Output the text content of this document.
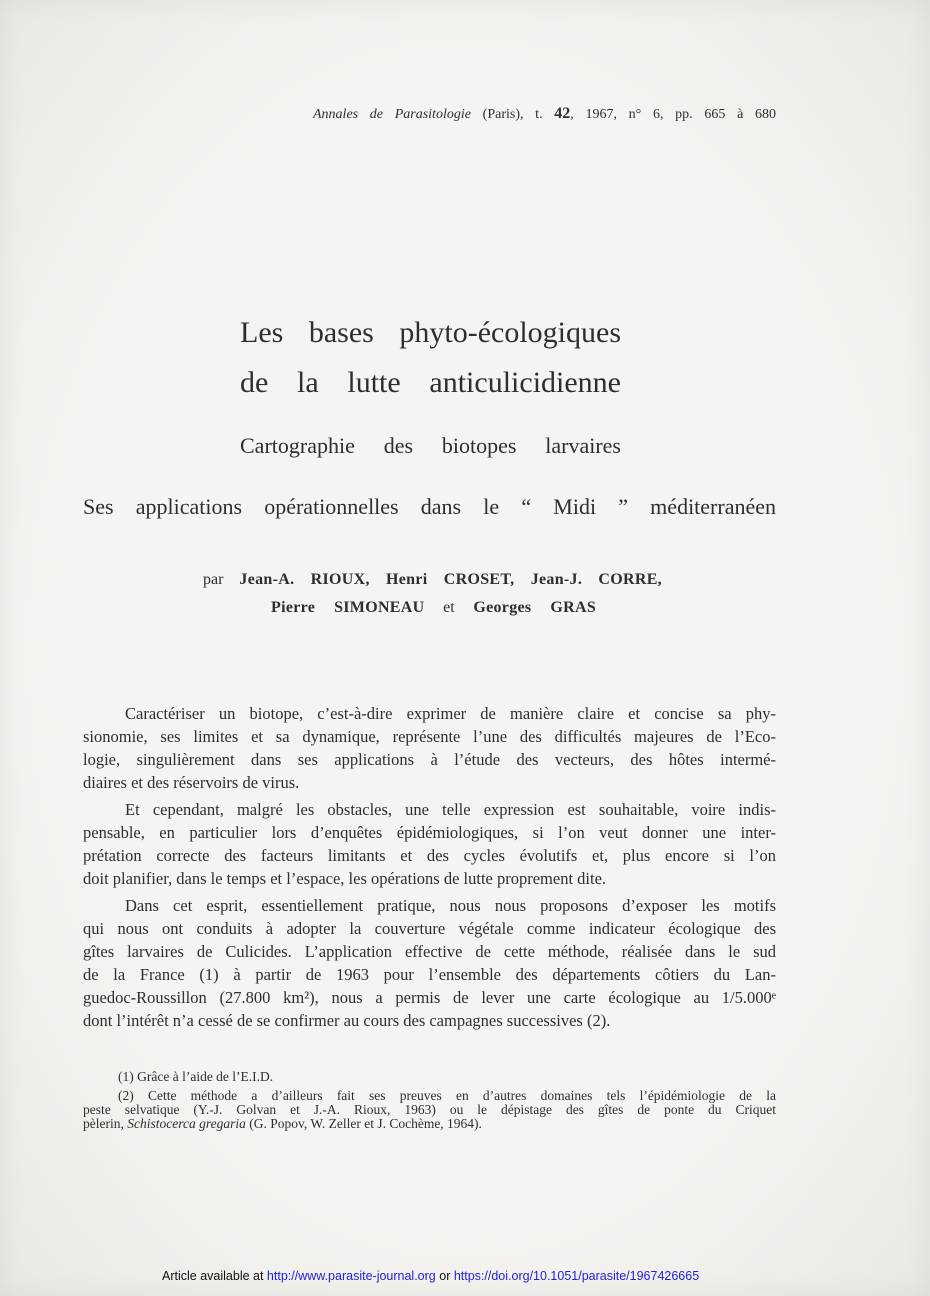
Annales de Parasitologie (Paris), t. 42, 1967, n° 6, pp. 665 à 680
Les bases phyto-écologiques
de la lutte anticulicidienne
Cartographie des biotopes larvaires
Ses applications opérationnelles dans le “ Midi ” méditerranéen
par Jean-A. RIOUX, Henri CROSET, Jean-J. CORRE,
Pierre SIMONEAU et Georges GRAS
Caractériser un biotope, c’est-à-dire exprimer de manière claire et concise sa phy-
sionomie, ses limites et sa dynamique, représente l’une des difficultés majeures de l’Eco-
logie, singulièrement dans ses applications à l’étude des vecteurs, des hôtes intermé-
diaires et des réservoirs de virus.
Et cependant, malgré les obstacles, une telle expression est souhaitable, voire indis-
pensable, en particulier lors d’enquêtes épidémiologiques, si l’on veut donner une inter-
prétation correcte des facteurs limitants et des cycles évolutifs et, plus encore si l’on
doit planifier, dans le temps et l’espace, les opérations de lutte proprement dite.
Dans cet esprit, essentiellement pratique, nous nous proposons d’exposer les motifs
qui nous ont conduits à adopter la couverture végétale comme indicateur écologique des
gîtes larvaires de Culicides. L’application effective de cette méthode, réalisée dans le sud
de la France (1) à partir de 1963 pour l’ensemble des départements côtiers du Lan-
guedoc-Roussillon (27.800 km²), nous a permis de lever une carte écologique au 1/5.000ᵉ
dont l’intérêt n’a cessé de se confirmer au cours des campagnes successives (2).
(1) Grâce à l’aide de l’E.I.D.
(2) Cette méthode a d’ailleurs fait ses preuves en d’autres domaines tels l’épidémiologie de la
peste selvatique (Y.-J. Golvan et J.-A. Rioux, 1963) ou le dépistage des gîtes de ponte du Criquet
pèlerin, Schistocerca gregaria (G. Popov, W. Zeller et J. Cochème, 1964).
Article available at http://www.parasite-journal.org or https://doi.org/10.1051/parasite/1967426665
